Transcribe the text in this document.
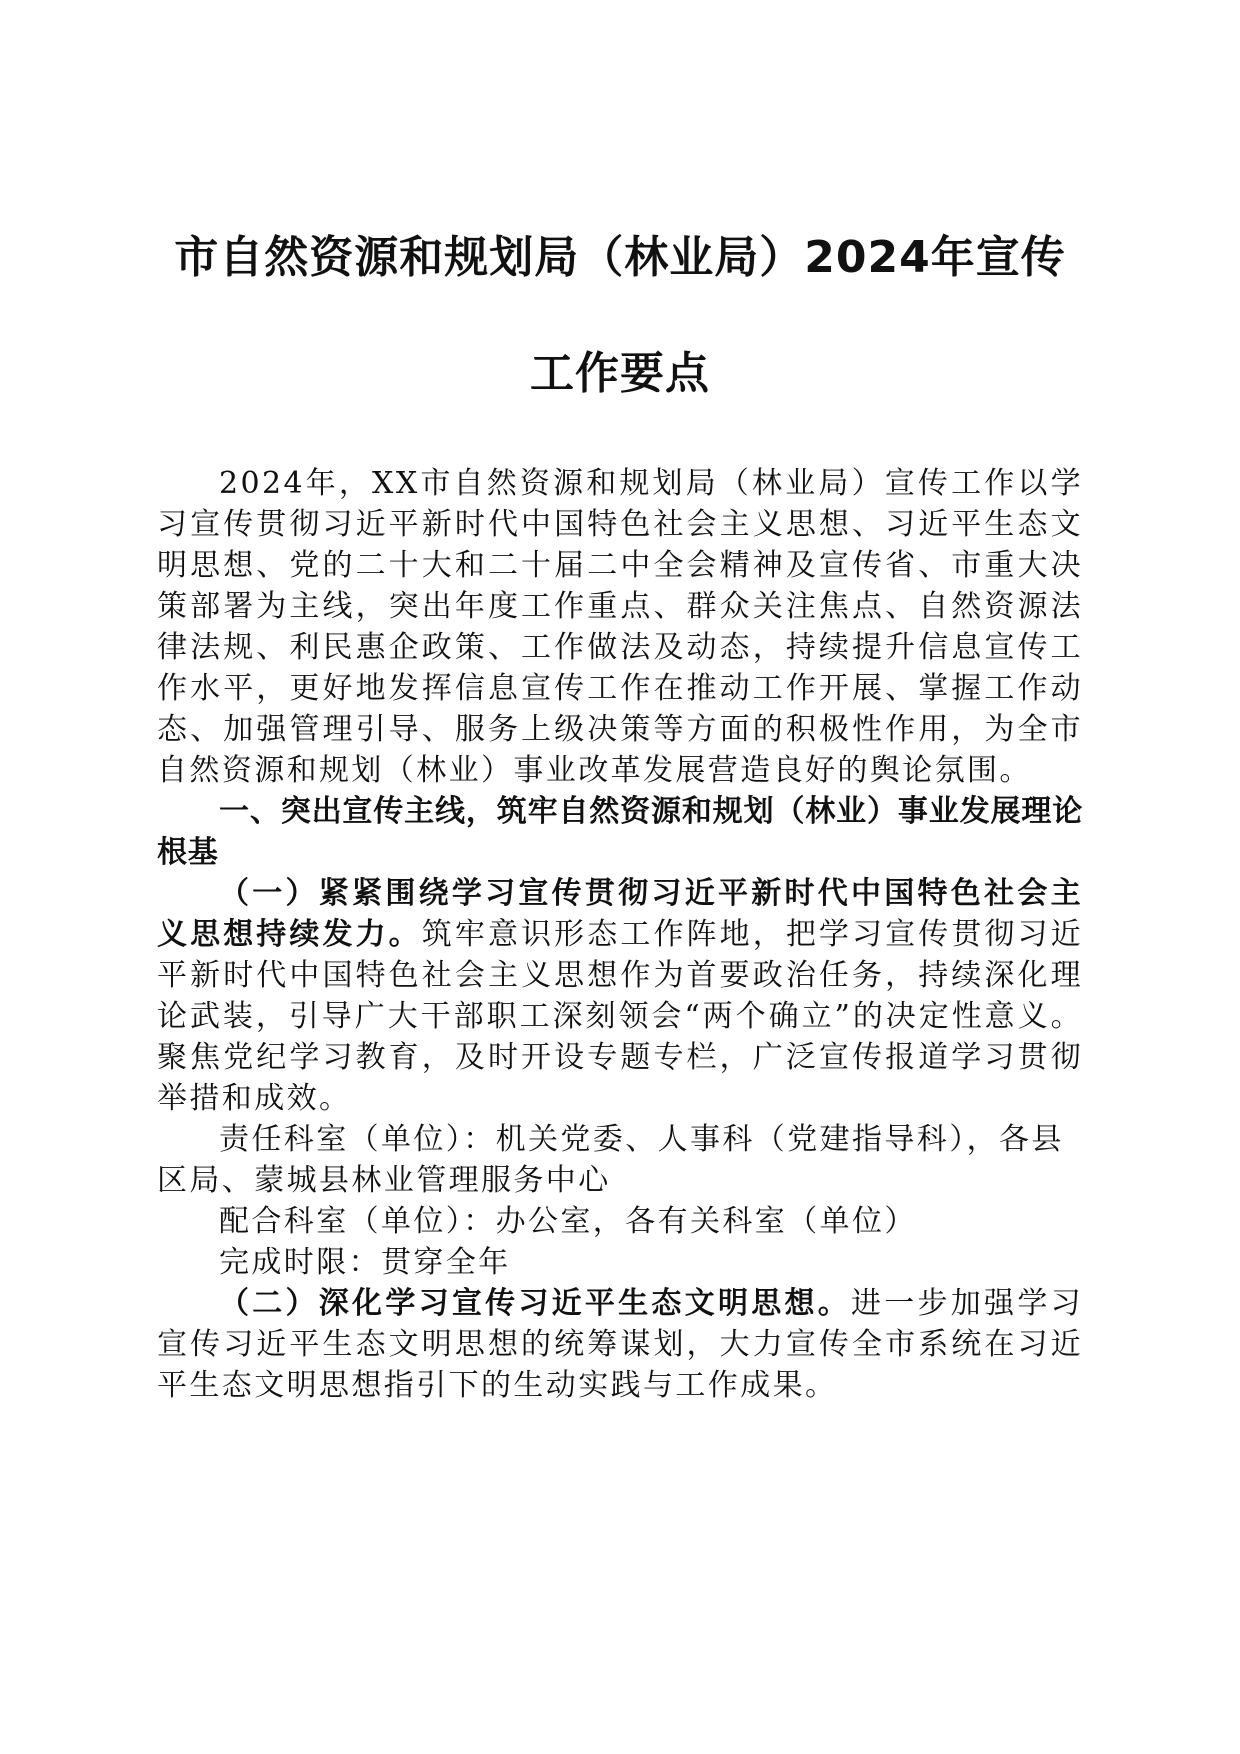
市自然资源和规划局（林业局）2024年宣传
工作要点

2024年，XX市自然资源和规划局（林业局）宣传工作以学习宣传贯彻习近平新时代中国特色社会主义思想、习近平生态文明思想、党的二十大和二十届二中全会精神及宣传省、市重大决策部署为主线，突出年度工作重点、群众关注焦点、自然资源法律法规、利民惠企政策、工作做法及动态，持续提升信息宣传工作水平，更好地发挥信息宣传工作在推动工作开展、掌握工作动态、加强管理引导、服务上级决策等方面的积极性作用，为全市自然资源和规划（林业）事业改革发展营造良好的舆论氛围。

一、突出宣传主线，筑牢自然资源和规划（林业）事业发展理论根基

（一）紧紧围绕学习宣传贯彻习近平新时代中国特色社会主义思想持续发力。筑牢意识形态工作阵地，把学习宣传贯彻习近平新时代中国特色社会主义思想作为首要政治任务，持续深化理论武装，引导广大干部职工深刻领会“两个确立”的决定性意义。聚焦党纪学习教育，及时开设专题专栏，广泛宣传报道学习贯彻举措和成效。

责任科室（单位）：机关党委、人事科（党建指导科），各县区局、蒙城县林业管理服务中心

配合科室（单位）：办公室，各有关科室（单位）

完成时限：贯穿全年

（二）深化学习宣传习近平生态文明思想。进一步加强学习宣传习近平生态文明思想的统筹谋划，大力宣传全市系统在习近平生态文明思想指引下的生动实践与工作成果。
